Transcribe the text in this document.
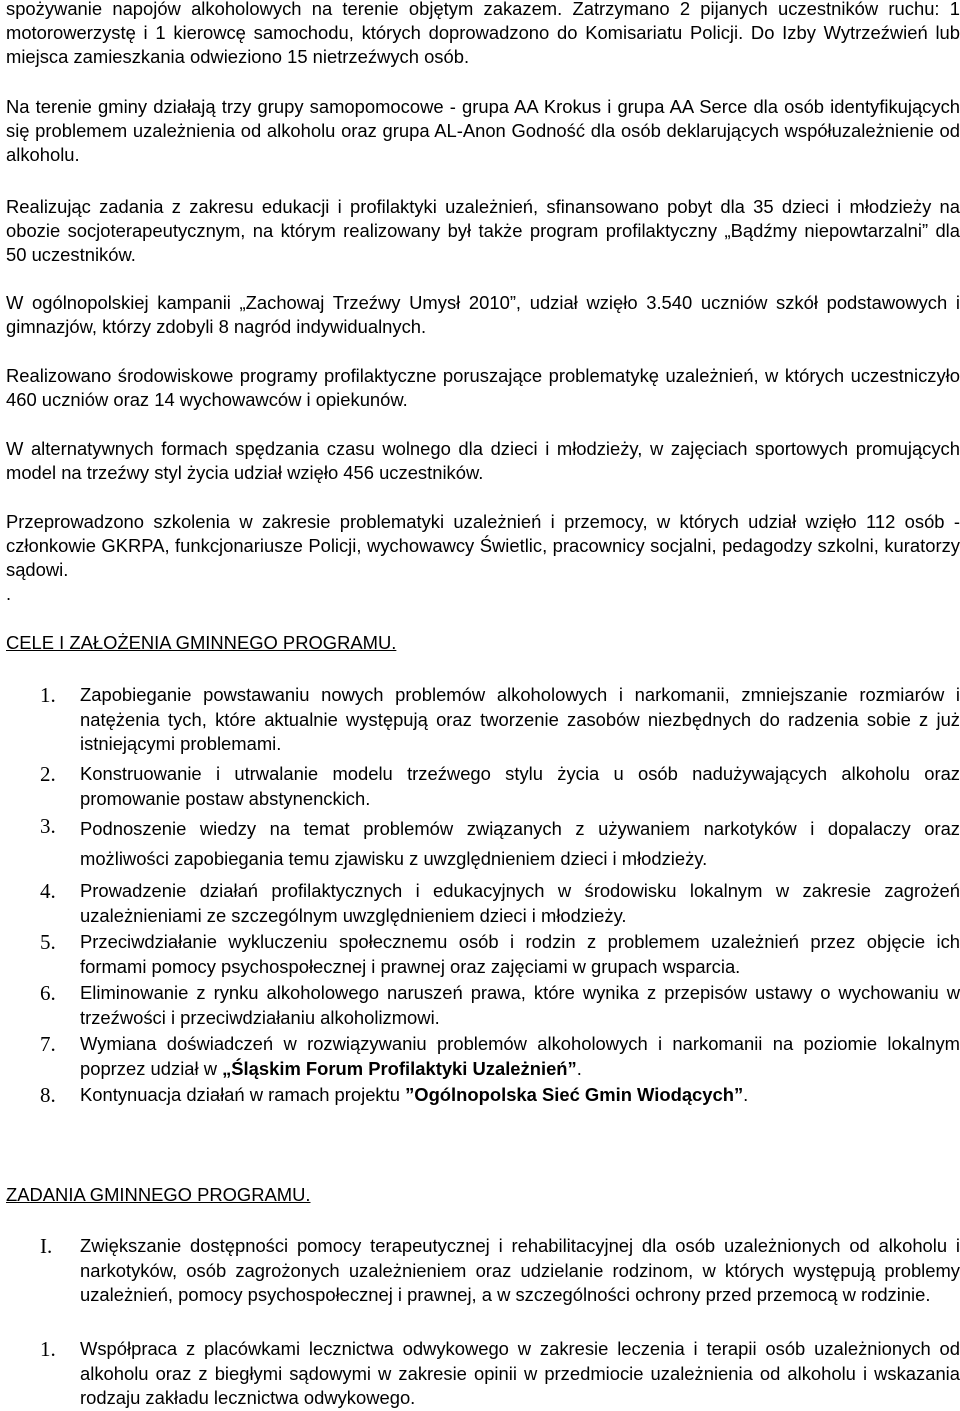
spożywanie napojów alkoholowych na terenie objętym zakazem. Zatrzymano 2 pijanych uczestników ruchu: 1 motorowerzystę i 1 kierowcę samochodu, których doprowadzono do Komisariatu Policji. Do Izby Wytrzeźwień lub miejsca zamieszkania odwieziono 15 nietrzeźwych osób.

Na terenie gminy działają trzy grupy samopomocowe - grupa AA Krokus i grupa AA Serce dla osób identyfikujących się problemem uzależnienia od alkoholu oraz grupa AL-Anon Godność dla osób deklarujących współuzależnienie od alkoholu.

Realizując zadania z zakresu edukacji i profilaktyki uzależnień, sfinansowano pobyt dla 35 dzieci i młodzieży na obozie socjoterapeutycznym, na którym realizowany był także program profilaktyczny „Bądźmy niepowtarzalni” dla 50 uczestników.

W ogólnopolskiej kampanii „Zachowaj Trzeźwy Umysł 2010”, udział wzięło 3.540 uczniów szkół podstawowych i gimnazjów, którzy zdobyli 8 nagród indywidualnych.

Realizowano środowiskowe programy profilaktyczne poruszające problematykę uzależnień, w których uczestniczyło 460 uczniów oraz 14 wychowawców i opiekunów.

W alternatywnych formach spędzania czasu wolnego dla dzieci i młodzieży, w zajęciach sportowych promujących model na trzeźwy styl życia udział wzięło 456 uczestników.

Przeprowadzono szkolenia w zakresie problematyki uzależnień i przemocy, w których udział wzięło 112 osób - członkowie GKRPA, funkcjonariusze Policji, wychowawcy Świetlic, pracownicy socjalni, pedagodzy szkolni, kuratorzy sądowi.

.
CELE I ZAŁOŻENIA GMINNEGO PROGRAMU.
1. Zapobieganie powstawaniu nowych problemów alkoholowych i narkomanii, zmniejszanie rozmiarów i natężenia tych, które aktualnie występują oraz tworzenie zasobów niezbędnych do radzenia sobie z już istniejącymi problemami.

2. Konstruowanie i utrwalanie modelu trzeźwego stylu życia u osób nadużywających alkoholu oraz promowanie postaw abstynenckich.

3. Podnoszenie wiedzy na temat problemów związanych z używaniem narkotyków i dopalaczy oraz możliwości zapobiegania temu zjawisku z uwzględnieniem dzieci i młodzieży.

4. Prowadzenie działań profilaktycznych i edukacyjnych w środowisku lokalnym w zakresie zagrożeń uzależnieniami ze szczególnym uwzględnieniem dzieci i młodzieży.

5. Przeciwdziałanie wykluczeniu społecznemu osób i rodzin z problemem uzależnień przez objęcie ich formami pomocy psychospołecznej i prawnej oraz zajęciami w grupach wsparcia.

6. Eliminowanie z rynku alkoholowego naruszeń prawa, które wynika z przepisów ustawy o wychowaniu w trzeźwości i przeciwdziałaniu alkoholizmowi.

7. Wymiana doświadczeń w rozwiązywaniu problemów alkoholowych i narkomanii na poziomie lokalnym poprzez udział w „Śląskim Forum Profilaktyki Uzależnień”.

8. Kontynuacja działań w ramach projektu ”Ogólnopolska Sieć Gmin Wiodących”.

ZADANIA GMINNEGO PROGRAMU.
I. Zwiększanie dostępności pomocy terapeutycznej i rehabilitacyjnej dla osób uzależnionych od alkoholu i narkotyków, osób zagrożonych uzależnieniem oraz udzielanie rodzinom, w których występują problemy uzależnień, pomocy psychospołecznej i prawnej, a w szczególności ochrony przed przemocą w rodzinie.

1. Współpraca z placówkami lecznictwa odwykowego w zakresie leczenia i terapii osób uzależnionych od alkoholu oraz z biegłymi sądowymi w zakresie opinii w przedmiocie uzależnienia od alkoholu i wskazania rodzaju zakładu lecznictwa odwykowego.
